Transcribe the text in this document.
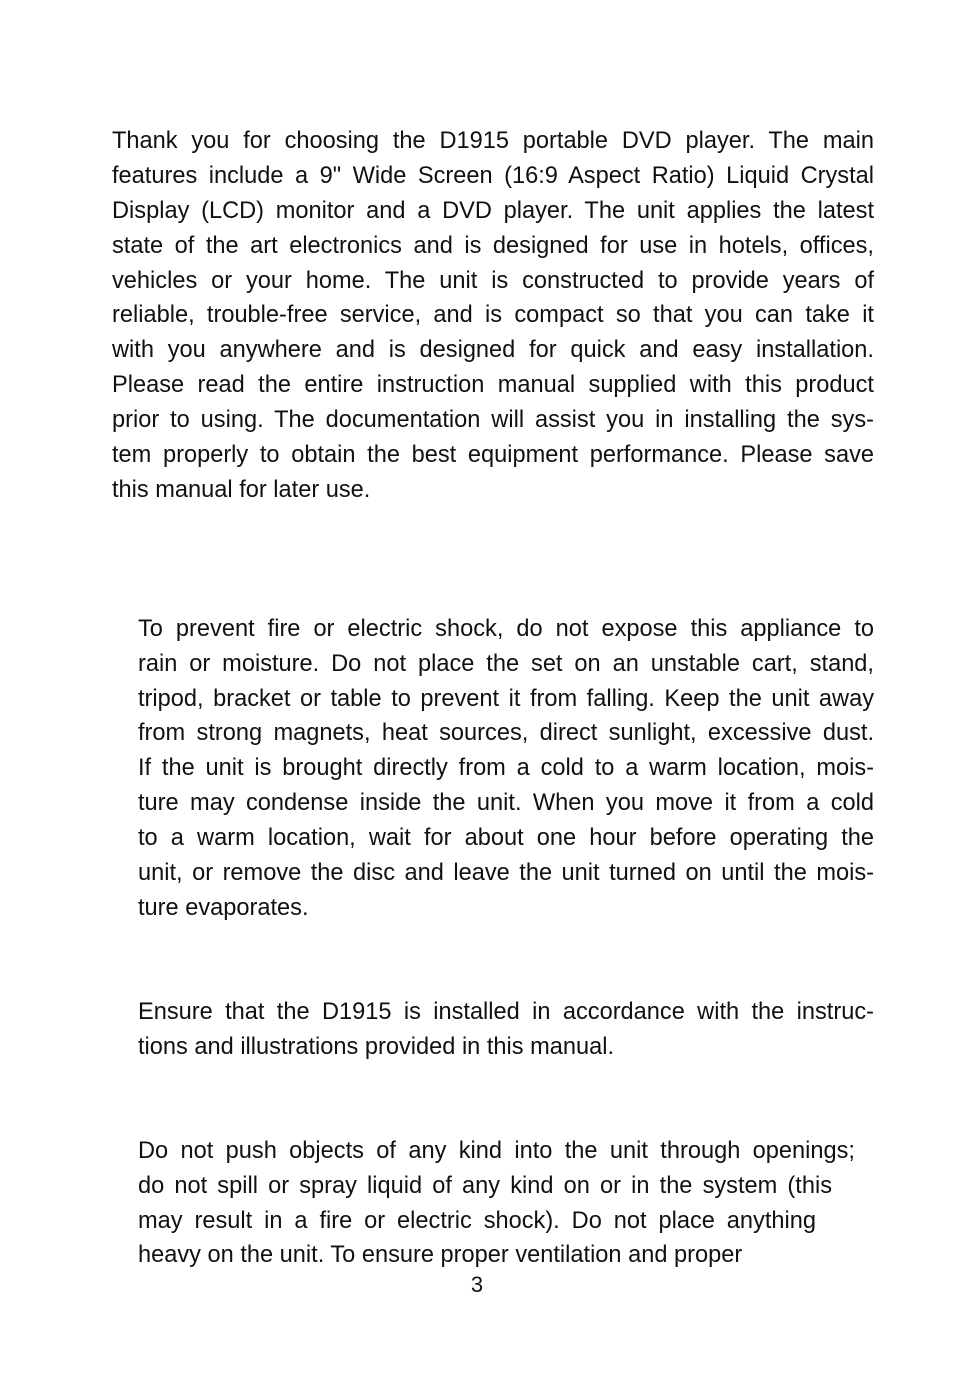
Thank you for choosing the D1915 portable DVD player. The main

features include a 9" Wide Screen (16:9 Aspect Ratio) Liquid Crystal

Display (LCD) monitor and a DVD player. The unit applies the latest

state of the art electronics and is designed for use in hotels, offices,

vehicles or your home. The unit is constructed to provide years of

reliable, trouble-free service, and is compact so that you can take it

with you anywhere and is designed for quick and easy installation.

Please read the entire instruction manual supplied with this product

prior to using. The documentation will assist you in installing the sys-

tem properly to obtain the best equipment performance. Please save

this manual for later use.

To prevent fire or electric shock, do not expose this appliance to

rain or moisture. Do not place the set on an unstable cart, stand,

tripod, bracket or table to prevent it from falling. Keep the unit away

from strong magnets, heat sources, direct sunlight, excessive dust.

If the unit is brought directly from a cold to a warm location, mois-

ture may condense inside the unit. When you move it from a cold

to a warm location, wait for about one hour before operating the

unit, or remove the disc and leave the unit turned on until the mois-

ture evaporates.

Ensure that the D1915 is installed in accordance with the instruc-

tions and illustrations provided in this manual.

Do not push objects of any kind into the unit through openings;

do not spill or spray liquid of any kind on or in the system (this

may result in a fire or electric shock). Do not place anything

heavy on the unit. To ensure proper ventilation and proper

3
